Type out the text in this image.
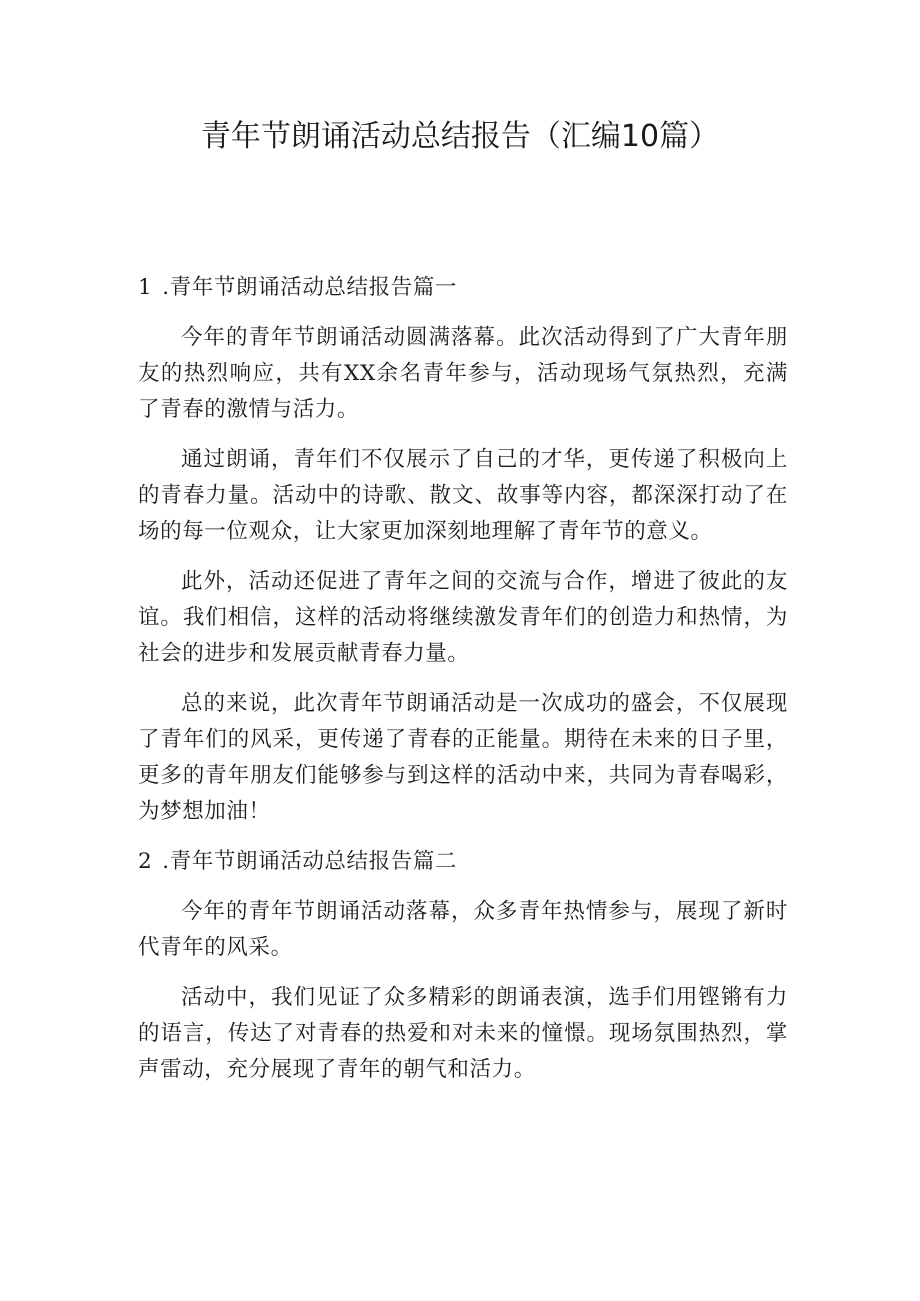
青年节朗诵活动总结报告（汇编10篇）
1 .青年节朗诵活动总结报告篇一

今年的青年节朗诵活动圆满落幕。此次活动得到了广大青年朋友的热烈响应，共有XX余名青年参与，活动现场气氛热烈，充满了青春的激情与活力。

通过朗诵，青年们不仅展示了自己的才华，更传递了积极向上的青春力量。活动中的诗歌、散文、故事等内容，都深深打动了在场的每一位观众，让大家更加深刻地理解了青年节的意义。

此外，活动还促进了青年之间的交流与合作，增进了彼此的友谊。我们相信，这样的活动将继续激发青年们的创造力和热情，为社会的进步和发展贡献青春力量。

总的来说，此次青年节朗诵活动是一次成功的盛会，不仅展现了青年们的风采，更传递了青春的正能量。期待在未来的日子里，更多的青年朋友们能够参与到这样的活动中来，共同为青春喝彩，为梦想加油！

2 .青年节朗诵活动总结报告篇二

今年的青年节朗诵活动落幕，众多青年热情参与，展现了新时代青年的风采。

活动中，我们见证了众多精彩的朗诵表演，选手们用铿锵有力的语言，传达了对青春的热爱和对未来的憧憬。现场氛围热烈，掌声雷动，充分展现了青年的朝气和活力。
